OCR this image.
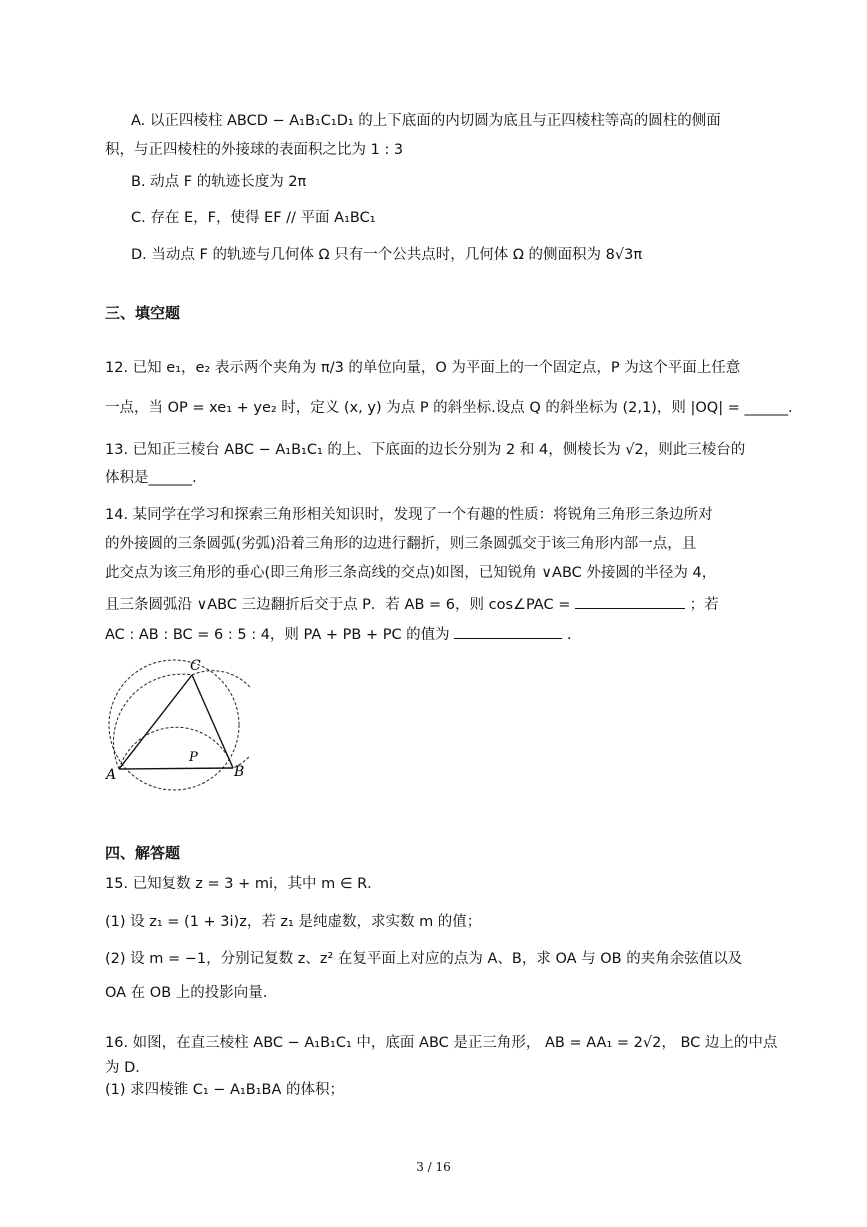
A. 以正四棱柱 ABCD − A₁B₁C₁D₁ 的上下底面的内切圆为底且与正四棱柱等高的圆柱的侧面
积，与正四棱柱的外接球的表面积之比为 1 : 3
B. 动点 F 的轨迹长度为 2π
C. 存在 E，F，使得 EF // 平面 A₁BC₁
D. 当动点 F 的轨迹与几何体 Ω 只有一个公共点时，几何体 Ω 的侧面积为 8√3π
三、填空题
12. 已知 e₁，e₂ 表示两个夹角为 π/3 的单位向量，O 为平面上的一个固定点，P 为这个平面上任意
一点，当 OP = xe₁ + ye₂ 时，定义 (x, y) 为点 P 的斜坐标.设点 Q 的斜坐标为 (2,1)，则 |OQ| = ______.
13. 已知正三棱台 ABC − A₁B₁C₁ 的上、下底面的边长分别为 2 和 4，侧棱长为 √2，则此三棱台的
体积是______.
14. 某同学在学习和探索三角形相关知识时，发现了一个有趣的性质：将锐角三角形三条边所对
的外接圆的三条圆弧(劣弧)沿着三角形的边进行翻折，则三条圆弧交于该三角形内部一点，且
此交点为该三角形的垂心(即三角形三条高线的交点)如图，已知锐角 ∨ABC 外接圆的半径为 4，
且三条圆弧沿 ∨ABC 三边翻折后交于点 P．若 AB = 6，则 cos∠PAC =	；若
AC : AB : BC = 6 : 5 : 4，则 PA + PB + PC 的值为	.
A	B
C
P
四、解答题
15. 已知复数 z = 3 + mi，其中 m ∈ R．
(1) 设 z₁ = (1 + 3i)z，若 z₁ 是纯虚数，求实数 m 的值；
(2) 设 m = −1，分别记复数 z、z² 在复平面上对应的点为 A、B，求 OA 与 OB 的夹角余弦值以及
OA 在 OB 上的投影向量.
16. 如图，在直三棱柱 ABC − A₁B₁C₁ 中，底面 ABC 是正三角形， AB = AA₁ = 2√2， BC 边上的中点
为 D．
(1) 求四棱锥 C₁ − A₁B₁BA 的体积；
3 / 16
